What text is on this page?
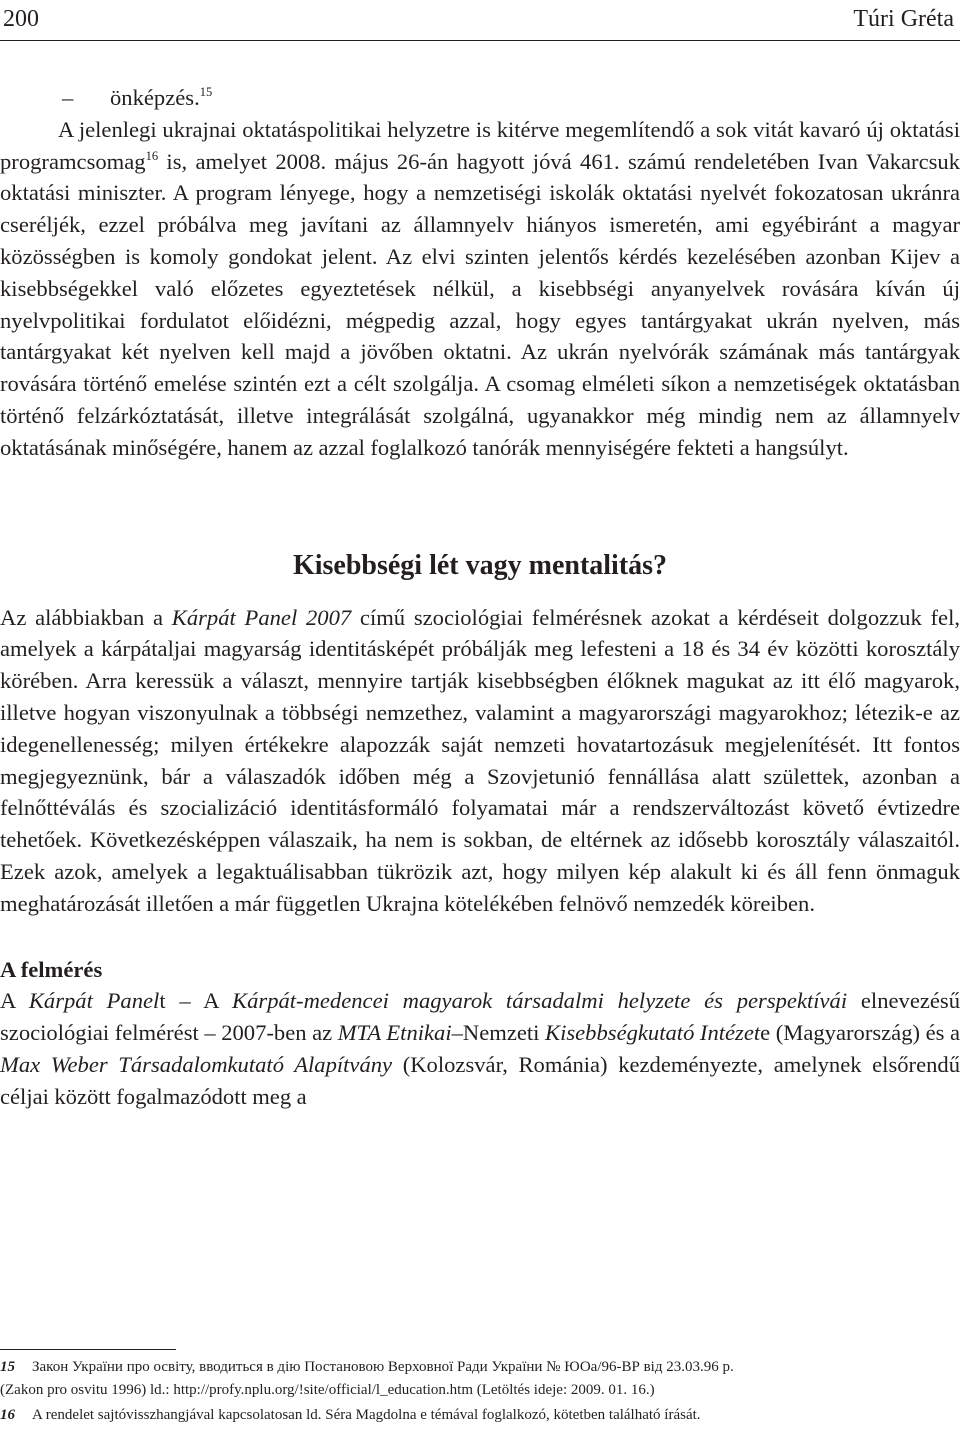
200	Túri Gréta

– önképzés.$^{15}$

A jelenlegi ukrajnai oktatáspolitikai helyzetre is kitérve megemlítendő a sok vitát kavaró új oktatási programcsomag$^{16}$ is, amelyet 2008. május 26-án hagyott jóvá 461. számú rendeletében Ivan Vakarcsuk oktatási miniszter. A program lényege, hogy a nemzetiségi iskolák oktatási nyelvét fokozatosan ukránra cseréljék, ezzel próbálva meg javítani az államnyelv hiányos ismeretén, ami egyébiránt a magyar közösségben is komoly gondokat jelent. Az elvi szinten jelentős kérdés kezelésében azonban Kijev a kisebbségekkel való előzetes egyeztetések nélkül, a kisebbségi anyanyelvek rovására kíván új nyelvpolitikai fordulatot előidézni, mégpedig azzal, hogy egyes tantárgyakat ukrán nyelven, más tantárgyakat két nyelven kell majd a jövőben oktatni. Az ukrán nyelvórák számának más tantárgyak rovására történő emelése szintén ezt a célt szolgálja. A csomag elméleti síkon a nemzetiségek oktatásban történő felzárkóztatását, illetve integrálását szolgálná, ugyanakkor még mindig nem az államnyelv oktatásának minőségére, hanem az azzal foglalkozó tanórák mennyiségére fekteti a hangsúlyt.

Kisebbségi lét vagy mentalitás?

Az alábbiakban a Kárpát Panel 2007 című szociológiai felmérésnek azokat a kérdéseit dolgozzuk fel, amelyek a kárpátaljai magyarság identitásképét próbálják meg lefesteni a 18 és 34 év közötti korosztály körében. Arra keressük a választ, mennyire tartják kisebbségben élőknek magukat az itt élő magyarok, illetve hogyan viszonyulnak a többségi nemzethez, valamint a magyarországi magyarokhoz; létezik-e az idegenellenesség; milyen értékekre alapozzák saját nemzeti hovatartozásuk megjelenítését. Itt fontos megjegyeznünk, bár a válaszadók időben még a Szovjetunió fennállása alatt születtek, azonban a felnőttéválás és szocializáció identitásformáló folyamatai már a rendszerváltozást követő évtizedre tehetőek. Következésképpen válaszaik, ha nem is sokban, de eltérnek az idősebb korosztály válaszaitól. Ezek azok, amelyek a legaktuálisabban tükrözik azt, hogy milyen kép alakult ki és áll fenn önmaguk meghatározását illetően a már független Ukrajna kötelékében felnövő nemzedék köreiben.

A felmérés

A Kárpát Panelt – A Kárpát-medencei magyarok társadalmi helyzete és perspektívái elnevezésű szociológiai felmérést – 2007-ben az MTA Etnikai–Nemzeti Kisebbségkutató Intézete (Magyarország) és a Max Weber Társadalomkutató Alapítvány (Kolozsvár, Románia) kezdeményezte, amelynek elsőrendű céljai között fogalmazódott meg a

15	Закон України про освіту, вводиться в дію Постановою Верховної Ради України № ЮОа/96-ВР від 23.03.96 р.
(Zakon pro osvitu 1996) ld.: http://profy.nplu.org/!site/official/l_education.htm (Letöltés ideje: 2009. 01. 16.)
16	A rendelet sajtóvisszhangjával kapcsolatosan ld. Séra Magdolna e témával foglalkozó, kötetben található írását.
